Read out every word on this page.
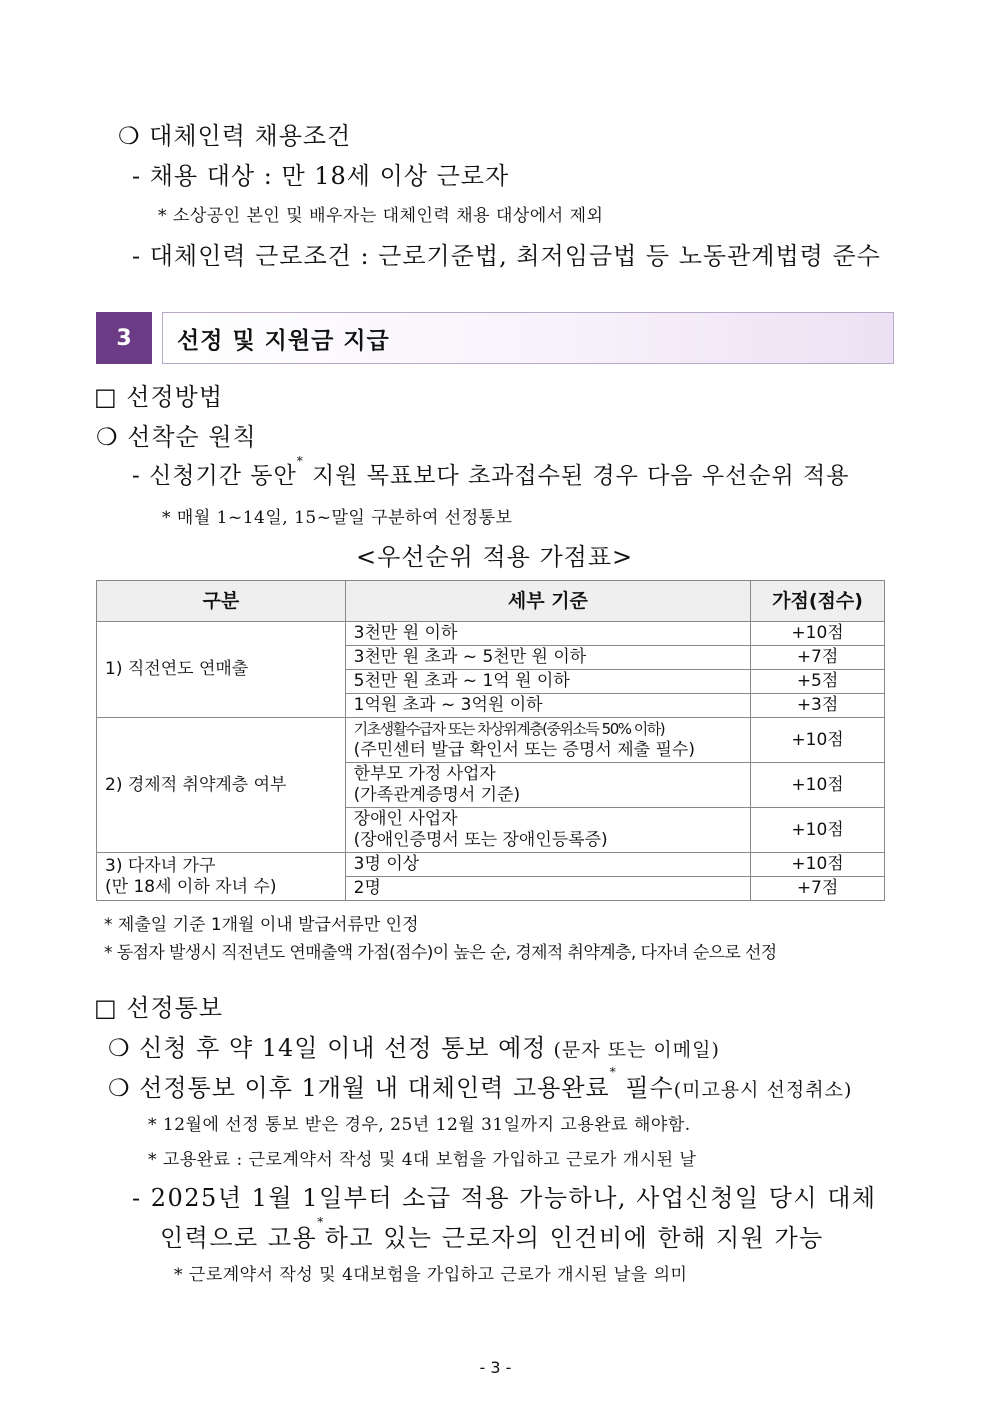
❍ 대체인력 채용조건
- 채용 대상 : 만 18세 이상 근로자
* 소상공인 본인 및 배우자는 대체인력 채용 대상에서 제외
- 대체인력 근로조건 : 근로기준법, 최저임금법 등 노동관계법령 준수
3	선정 및 지원금 지급
□ 선정방법
❍ 선착순 원칙
- 신청기간 동안* 지원 목표보다 초과접수된 경우 다음 우선순위 적용
* 매월 1~14일, 15~말일 구분하여 선정통보
<우선순위 적용 가점표>
구분	세부 기준	가점(점수)
1) 직전연도 연매출	3천만 원 이하	+10점
	3천만 원 초과 ~ 5천만 원 이하	+7점
	5천만 원 초과 ~ 1억 원 이하	+5점
	1억원 초과 ~ 3억원 이하	+3점
2) 경제적 취약계층 여부	기초생활수급자 또는 차상위계층(중위소득 50% 이하)
(주민센터 발급 확인서 또는 증명서 제출 필수)	+10점

	한부모 가정 사업자
(가족관계증명서 기준)	+10점

	장애인 사업자
(장애인증명서 또는 장애인등록증)	+10점

3) 다자녀 가구
(만 18세 이하 자녀 수)	3명 이상	+10점
	2명	+7점
* 제출일 기준 1개월 이내 발급서류만 인정
* 동점자 발생시 직전년도 연매출액 가점(점수)이 높은 순, 경제적 취약계층, 다자녀 순으로 선정
□ 선정통보
❍ 신청 후 약 14일 이내 선정 통보 예정 (문자 또는 이메일)
❍ 선정통보 이후 1개월 내 대체인력 고용완료* 필수(미고용시 선정취소)
* 12월에 선정 통보 받은 경우, 25년 12월 31일까지 고용완료 해야함.
* 고용완료 : 근로계약서 작성 및 4대 보험을 가입하고 근로가 개시된 날
- 2025년 1월 1일부터 소급 적용 가능하나, 사업신청일 당시 대체
인력으로 고용*하고 있는 근로자의 인건비에 한해 지원 가능
* 근로계약서 작성 및 4대보험을 가입하고 근로가 개시된 날을 의미
- 3 -
